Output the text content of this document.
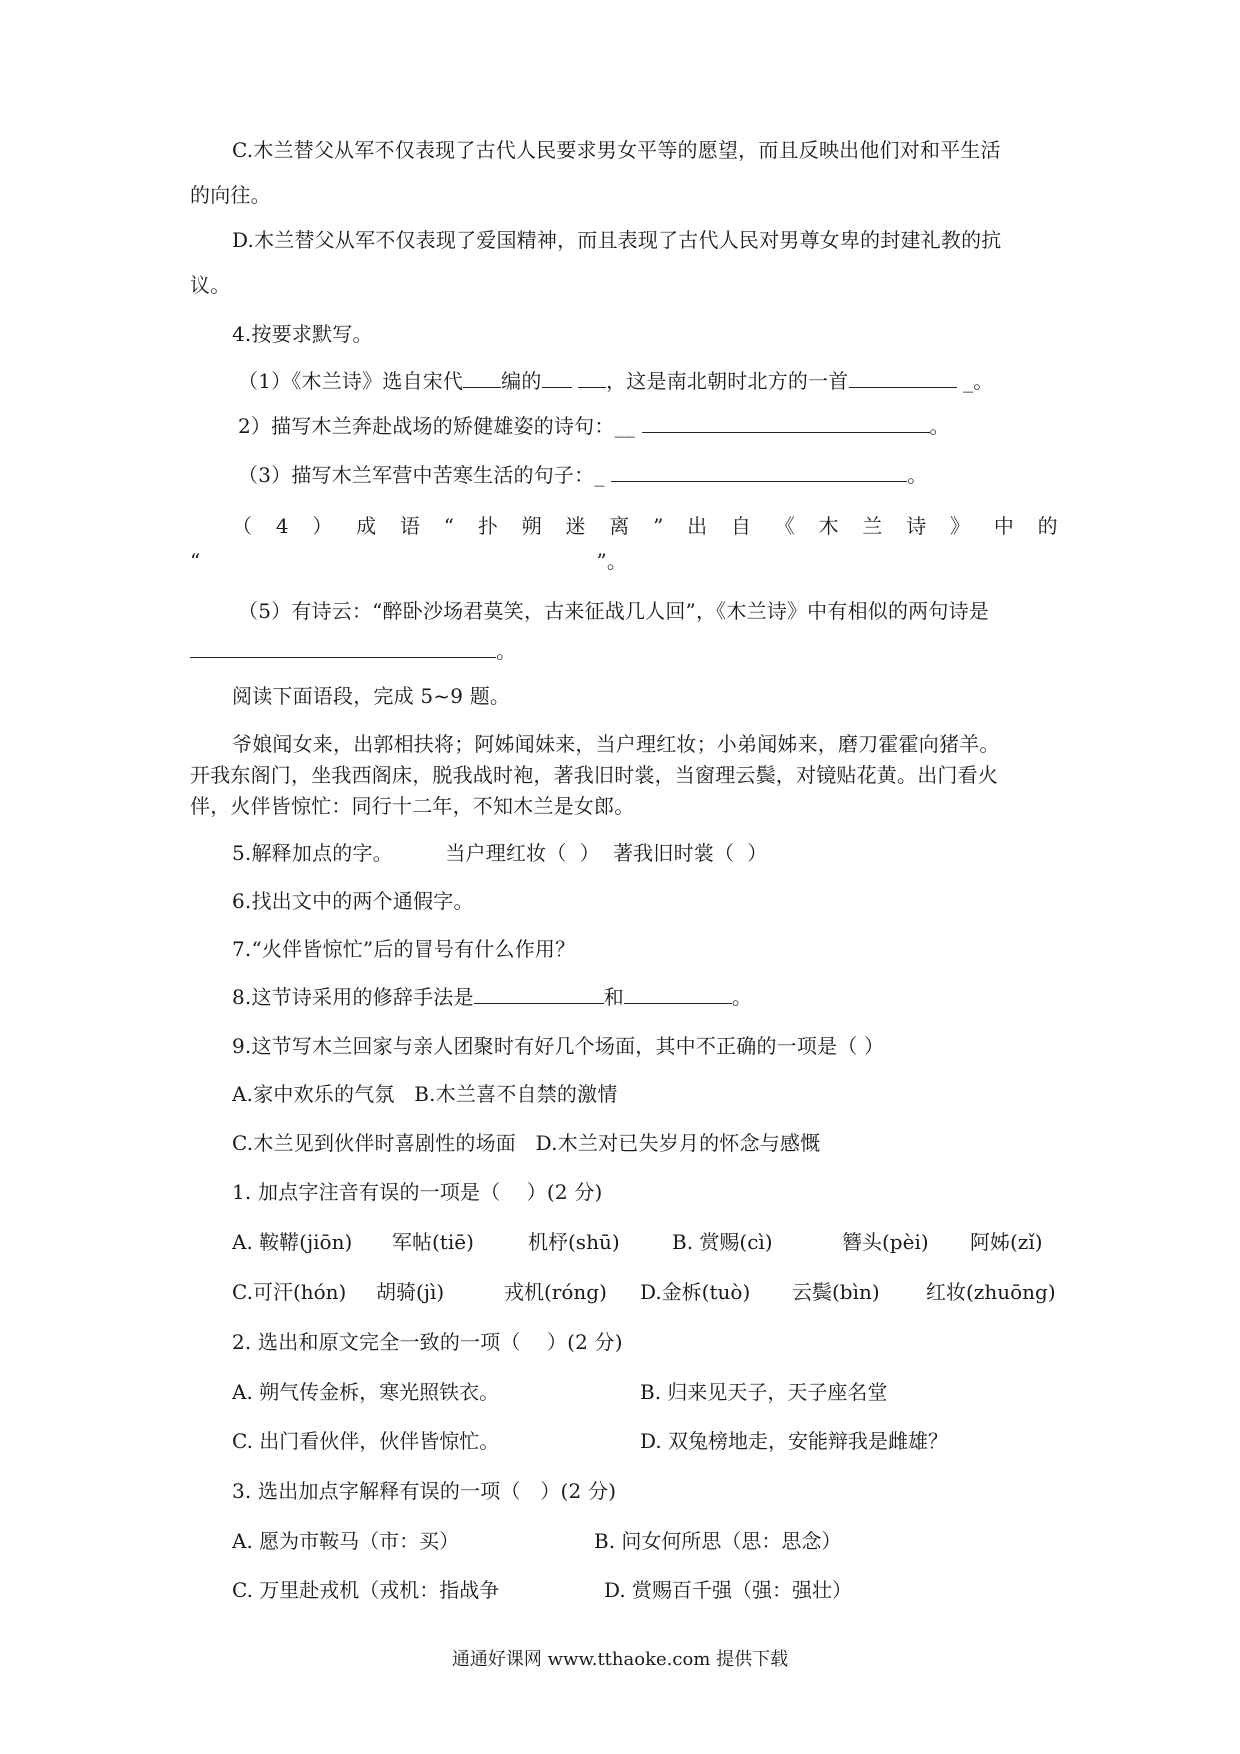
C.木兰替父从军不仅表现了古代人民要求男女平等的愿望，而且反映出他们对和平生活
的向往。
D.木兰替父从军不仅表现了爱国精神，而且表现了古代人民对男尊女卑的封建礼教的抗
议。
4.按要求默写。
（1）《木兰诗》选自宋代 编的	，这是南北朝时北方的一首	_。
2）描写木兰奔赴战场的矫健雄姿的诗句：__	。
（3）描写木兰军营中苦寒生活的句子：_	。
（ 4 ） 成 语 “ 扑 朔 迷 离 ” 出 自 《 木 兰 诗 》 中 的
“	”。
（5）有诗云：“醉卧沙场君莫笑，古来征战几人回”，《木兰诗》中有相似的两句诗是
。
阅读下面语段，完成 5~9 题。
爷娘闻女来，出郭相扶将；阿姊闻妹来，当户理红妆；小弟闻姊来，磨刀霍霍向猪羊。
开我东阁门，坐我西阁床，脱我战时袍，著我旧时裳，当窗理云鬓，对镜贴花黄。出门看火
伴，火伴皆惊忙：同行十二年，不知木兰是女郎。
5.解释加点的字。        当户理红妆（  ）  著我旧时裳（  ）
6.找出文中的两个通假字。
7.“火伴皆惊忙”后的冒号有什么作用？
8.这节诗采用的修辞手法是	和	。
9.这节写木兰回家与亲人团聚时有好几个场面，其中不正确的一项是（ ）
A.家中欢乐的气氛   B.木兰喜不自禁的激情
C.木兰见到伙伴时喜剧性的场面   D.木兰对已失岁月的怀念与感慨
1. 加点字注音有误的一项是（    ）(2 分)

A. 鞍鞯(jiōn)

军帖(tiē)

	机杼(shū)

	B. 赏赐(cì)

	簪头(pèi)

阿姊(zǐ)

C.可汗(hón)

胡骑(jì)

	戎机(róng)

D.金柝(tuò)

云鬓(bìn)

红妆(zhuōng)

2. 选出和原文完全一致的一项（    ）(2 分)

A. 朔气传金柝，寒光照铁衣。

	B. 归来见天子，天子座名堂

C. 出门看伙伴，伙伴皆惊忙。

	D. 双兔榜地走，安能辩我是雌雄？

3. 选出加点字解释有误的一项（   ）(2 分)

A. 愿为市鞍马（市：买）

	B. 问女何所思（思：思念）

C. 万里赴戎机（戎机：指战争

	D. 赏赐百千强（强：强壮）

通通好课网 www.tthaoke.com 提供下载
